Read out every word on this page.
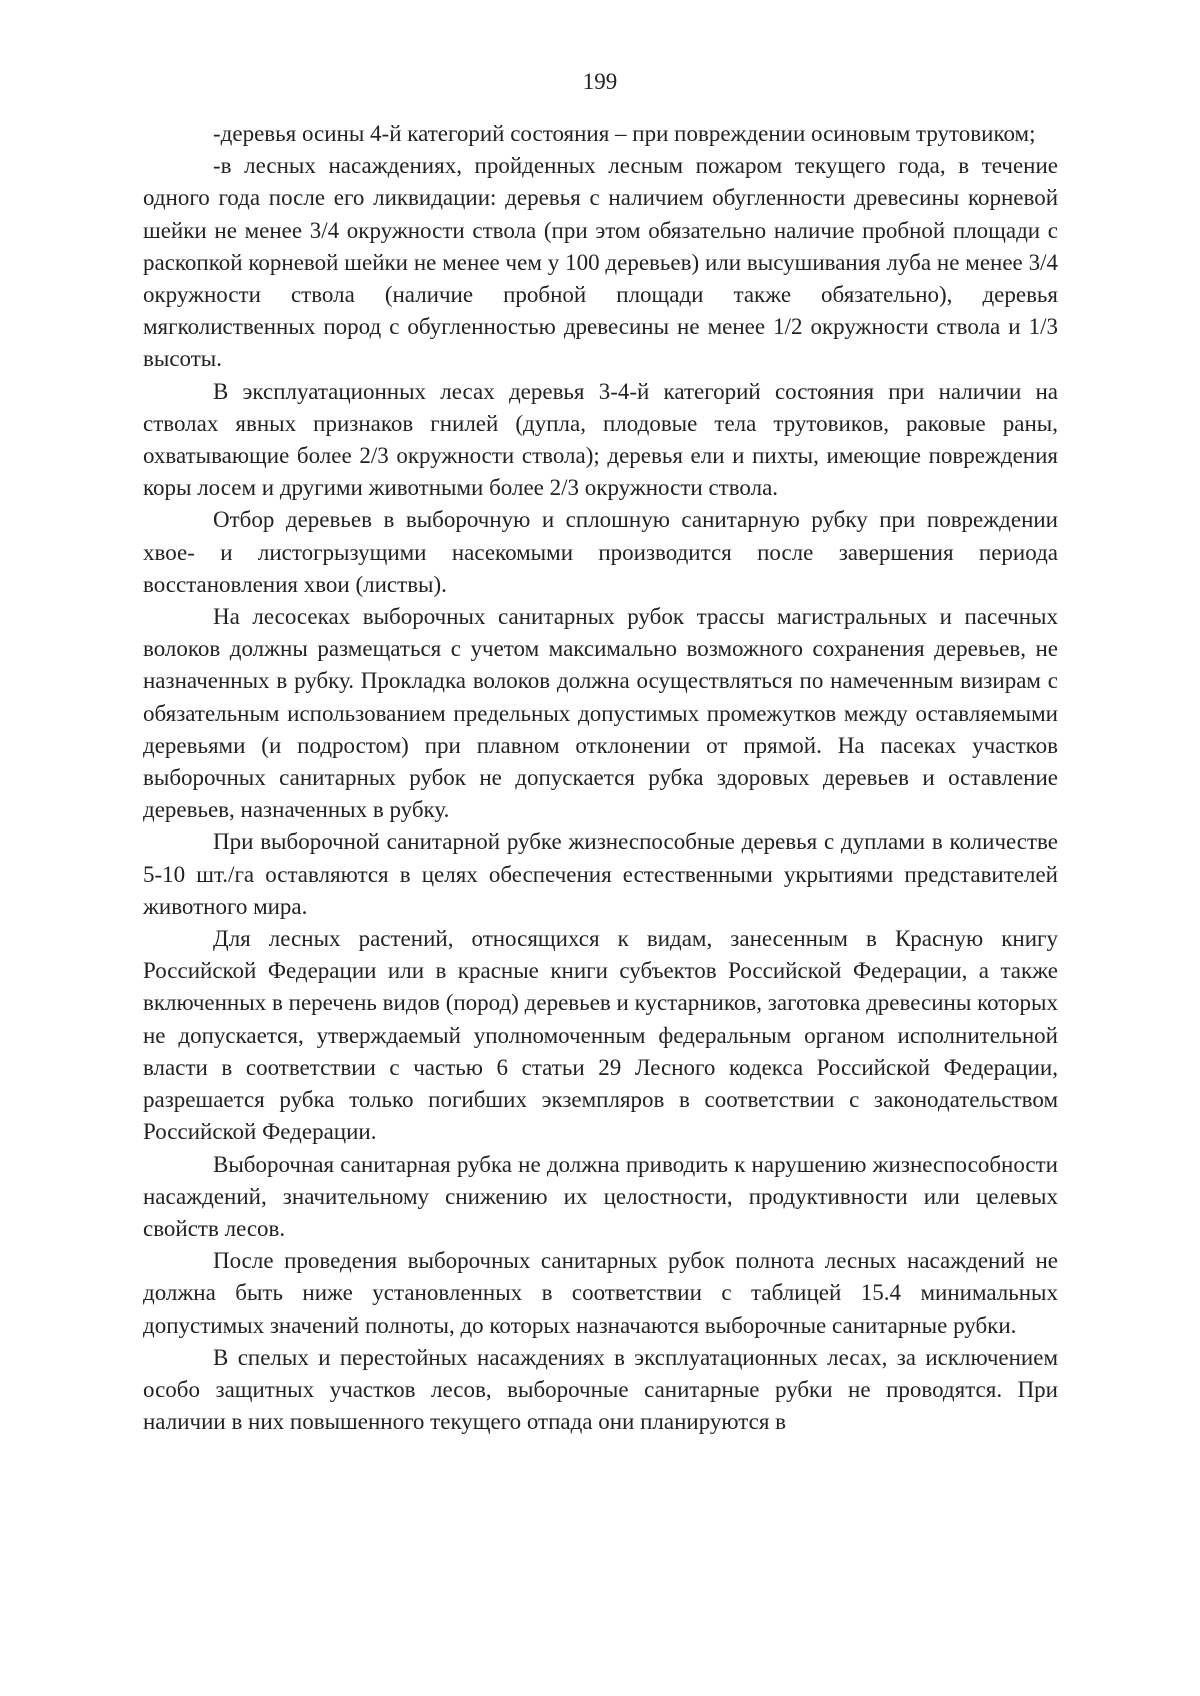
199

-деревья осины 4-й категорий состояния – при повреждении осиновым трутовиком;

-в лесных насаждениях, пройденных лесным пожаром текущего года, в течение одного года после его ликвидации: деревья с наличием обугленности древесины корневой шейки не менее 3/4 окружности ствола (при этом обязательно наличие пробной площади с раскопкой корневой шейки не менее чем у 100 деревьев) или высушивания луба не менее 3/4 окружности ствола (наличие пробной площади также обязательно), деревья мягколиственных пород с обугленностью древесины не менее 1/2 окружности ствола и 1/3 высоты.

В эксплуатационных лесах деревья 3-4-й категорий состояния при наличии на стволах явных признаков гнилей (дупла, плодовые тела трутовиков, раковые раны, охватывающие более 2/3 окружности ствола); деревья ели и пихты, имеющие повреждения коры лосем и другими животными более 2/3 окружности ствола.

Отбор деревьев в выборочную и сплошную санитарную рубку при повреждении хвое- и листогрызущими насекомыми производится после завершения периода восстановления хвои (листвы).

На лесосеках выборочных санитарных рубок трассы магистральных и пасечных волоков должны размещаться с учетом максимально возможного сохранения деревьев, не назначенных в рубку. Прокладка волоков должна осуществляться по намеченным визирам с обязательным использованием предельных допустимых промежутков между оставляемыми деревьями (и подростом) при плавном отклонении от прямой. На пасеках участков выборочных санитарных рубок не допускается рубка здоровых деревьев и оставление деревьев, назначенных в рубку.

При выборочной санитарной рубке жизнеспособные деревья с дуплами в количестве 5-10 шт./га оставляются в целях обеспечения естественными укрытиями представителей животного мира.

Для лесных растений, относящихся к видам, занесенным в Красную книгу Российской Федерации или в красные книги субъектов Российской Федерации, а также включенных в перечень видов (пород) деревьев и кустарников, заготовка древесины которых не допускается, утверждаемый уполномоченным федеральным органом исполнительной власти в соответствии с частью 6 статьи 29 Лесного кодекса Российской Федерации, разрешается рубка только погибших экземпляров в соответствии с законодательством Российской Федерации.

Выборочная санитарная рубка не должна приводить к нарушению жизнеспособности насаждений, значительному снижению их целостности, продуктивности или целевых свойств лесов.

После проведения выборочных санитарных рубок полнота лесных насаждений не должна быть ниже установленных в соответствии с таблицей 15.4 минимальных допустимых значений полноты, до которых назначаются выборочные санитарные рубки.

В спелых и перестойных насаждениях в эксплуатационных лесах, за исключением особо защитных участков лесов, выборочные санитарные рубки не проводятся. При наличии в них повышенного текущего отпада они планируются в
